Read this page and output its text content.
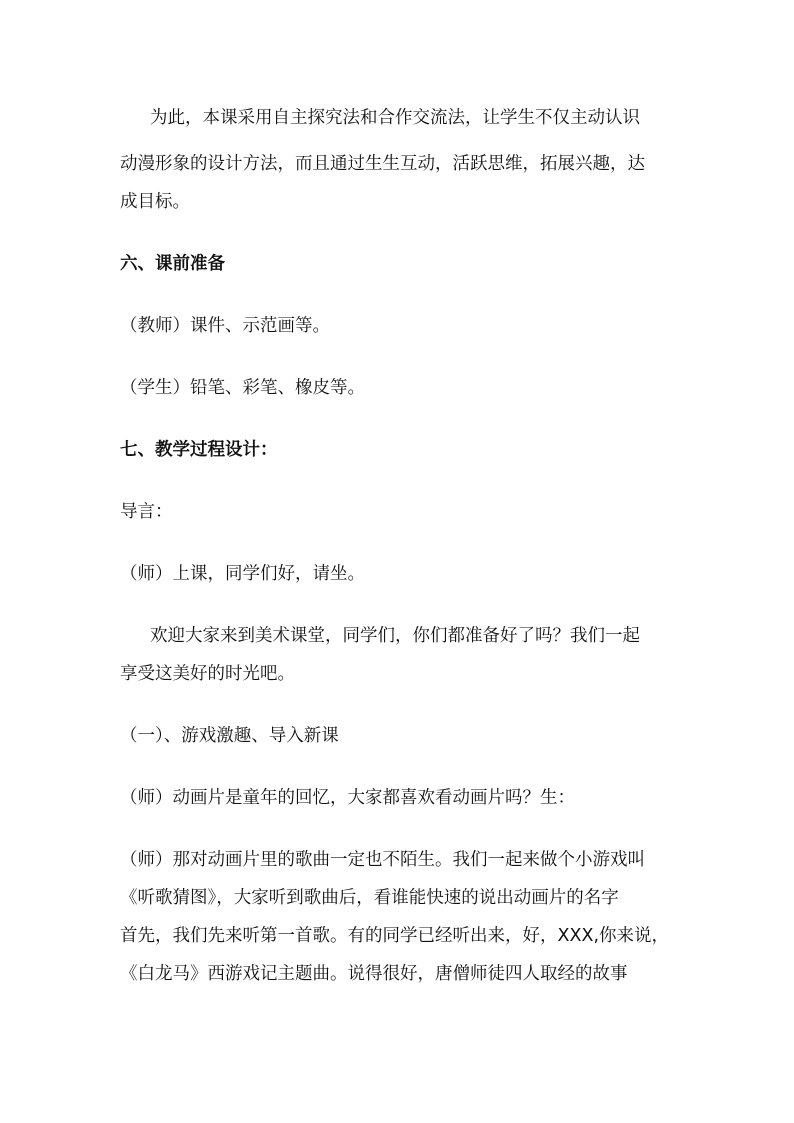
为此，本课采用自主探究法和合作交流法，让学生不仅主动认识
动漫形象的设计方法，而且通过生生互动，活跃思维，拓展兴趣，达
成目标。
六、课前准备
（教师）课件、示范画等。
（学生）铅笔、彩笔、橡皮等。
七、教学过程设计：
导言：
（师）上课，同学们好，请坐。
欢迎大家来到美术课堂，同学们，你们都准备好了吗？我们一起
享受这美好的时光吧。
（一）、游戏激趣、导入新课
（师）动画片是童年的回忆，大家都喜欢看动画片吗？生：
（师）那对动画片里的歌曲一定也不陌生。我们一起来做个小游戏叫
《听歌猜图》，大家听到歌曲后，看谁能快速的说出动画片的名字
首先，我们先来听第一首歌。有的同学已经听出来，好，XXX,你来说，
《白龙马》西游戏记主题曲。说得很好，唐僧师徒四人取经的故事
